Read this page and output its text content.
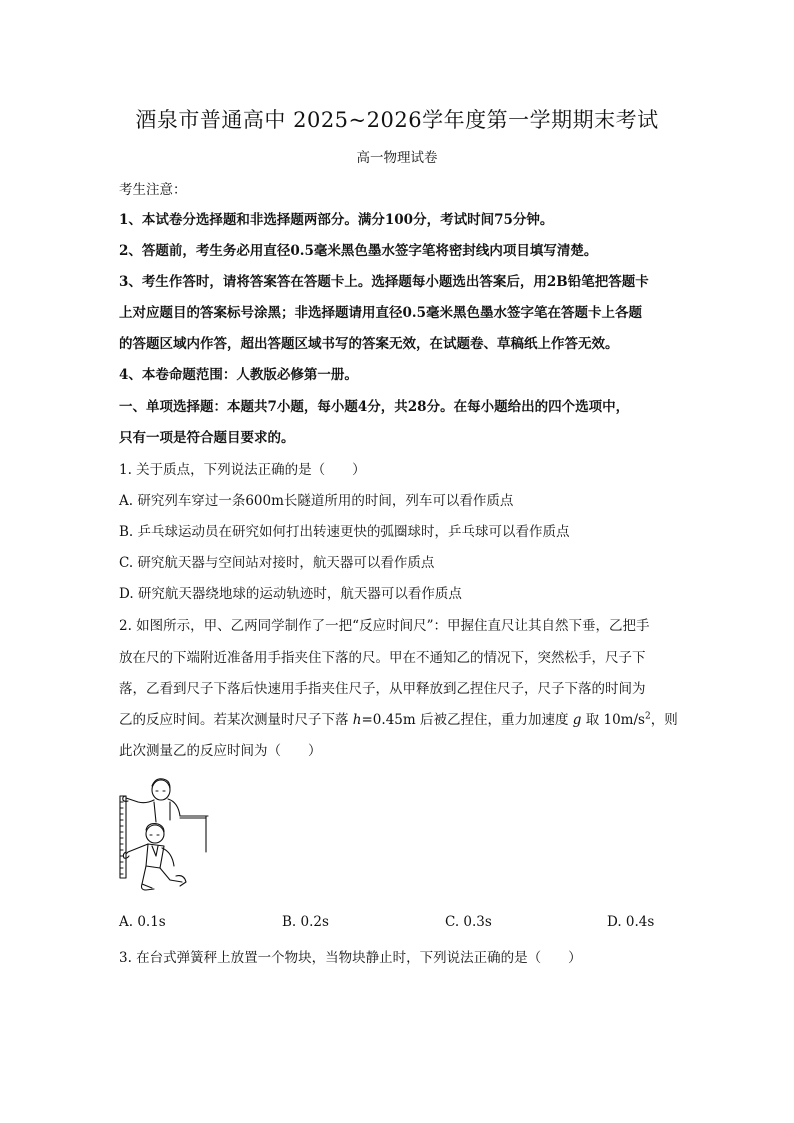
酒泉市普通高中 2025~2026学年度第一学期期末考试
高一物理试卷
考生注意：
1、本试卷分选择题和非选择题两部分。满分100分，考试时间75分钟。
2、答题前，考生务必用直径0.5毫米黑色墨水签字笔将密封线内项目填写清楚。
3、考生作答时，请将答案答在答题卡上。选择题每小题选出答案后，用2B铅笔把答题卡
上对应题目的答案标号涂黑；非选择题请用直径0.5毫米黑色墨水签字笔在答题卡上各题
的答题区域内作答，超出答题区域书写的答案无效，在试题卷、草稿纸上作答无效。
4、本卷命题范围：人教版必修第一册。
一、单项选择题：本题共7小题，每小题4分，共28分。在每小题给出的四个选项中，
只有一项是符合题目要求的。
1. 关于质点，下列说法正确的是（　　）
A. 研究列车穿过一条600m长隧道所用的时间，列车可以看作质点
B. 乒乓球运动员在研究如何打出转速更快的弧圈球时，乒乓球可以看作质点
C. 研究航天器与空间站对接时，航天器可以看作质点
D. 研究航天器绕地球的运动轨迹时，航天器可以看作质点
2. 如图所示，甲、乙两同学制作了一把“反应时间尺”：甲握住直尺让其自然下垂，乙把手
放在尺的下端附近准备用手指夹住下落的尺。甲在不通知乙的情况下，突然松手，尺子下
落，乙看到尺子下落后快速用手指夹住尺子，从甲释放到乙捏住尺子，尺子下落的时间为
乙的反应时间。若某次测量时尺子下落 h=0.45m 后被乙捏住，重力加速度 g 取 $10m/s^2$，则
此次测量乙的反应时间为（　　）
A. 0.1s	B. 0.2s	C. 0.3s	D. 0.4s
3. 在台式弹簧秤上放置一个物块，当物块静止时，下列说法正确的是（　　）
